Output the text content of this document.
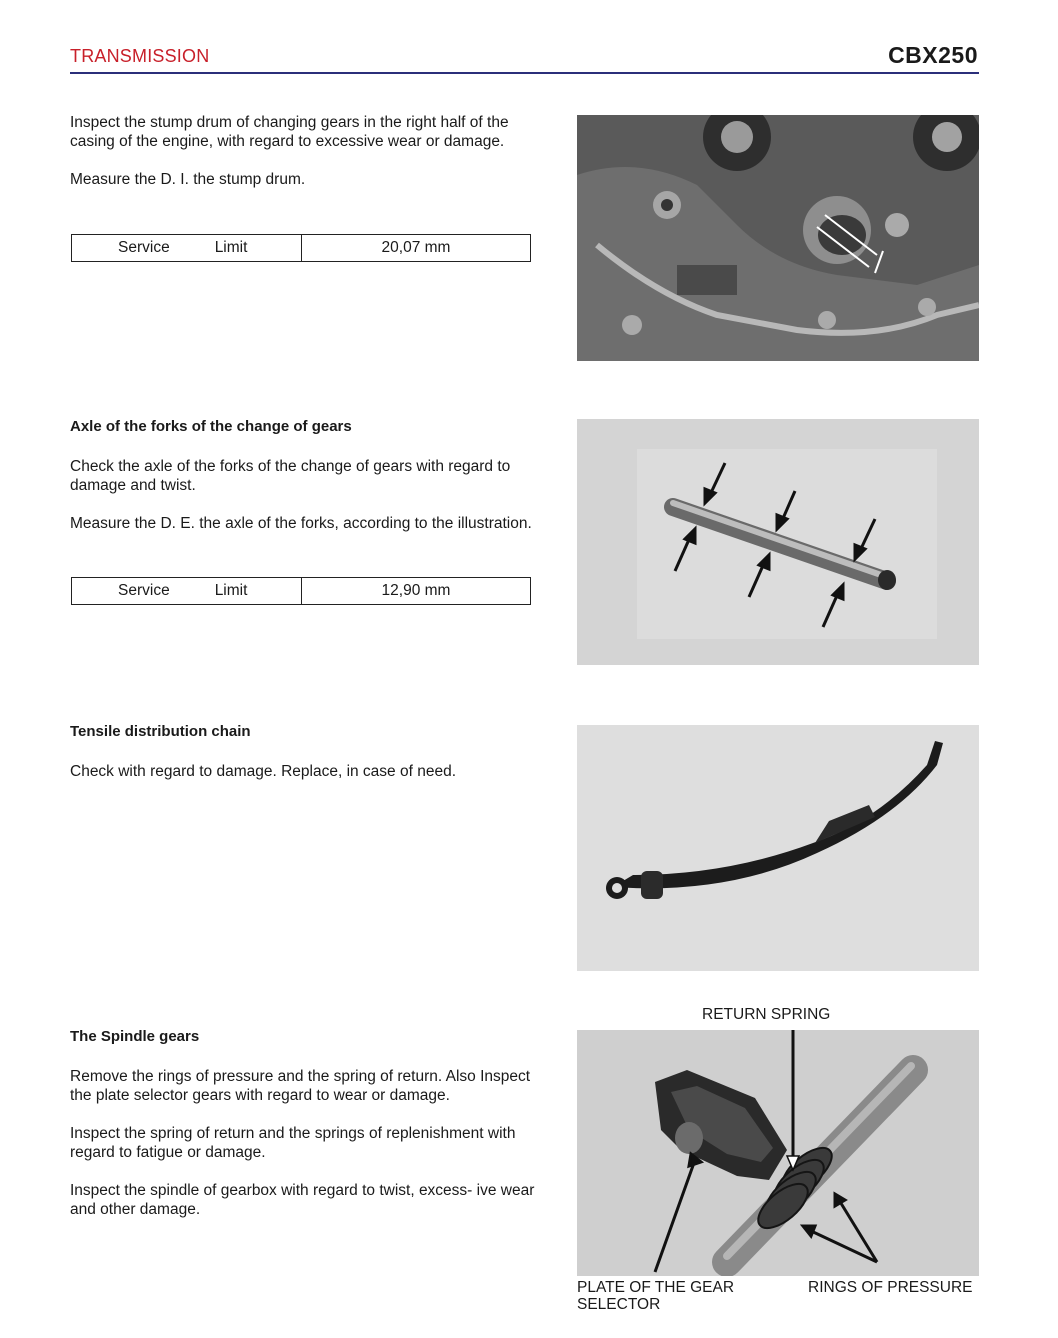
TRANSMISSION	CBX250

Inspect the stump drum of changing gears in the right half of the casing of the engine, with regard to excessive wear or damage.

Measure the D. I. the stump drum.

Service	Limit	20,07 mm
Axle of the forks of the change of gears

Check the axle of the forks of the change of gears with regard to damage and twist.

Measure the D. E. the axle of the forks, according to the illustration.

Service	Limit	12,90 mm
Tensile distribution chain

Check with regard to damage. Replace, in case of need.

RETURN SPRING
The Spindle gears

Remove the rings of pressure and the spring of return. Also Inspect the plate selector gears with regard to wear or damage.

Inspect the spring of return and the springs of replenishment with regard to fatigue or damage.

Inspect the spindle of gearbox with regard to twist, excess- ive wear and other damage.

PLATE OF THE GEAR
SELECTOR
RINGS OF PRESSURE
